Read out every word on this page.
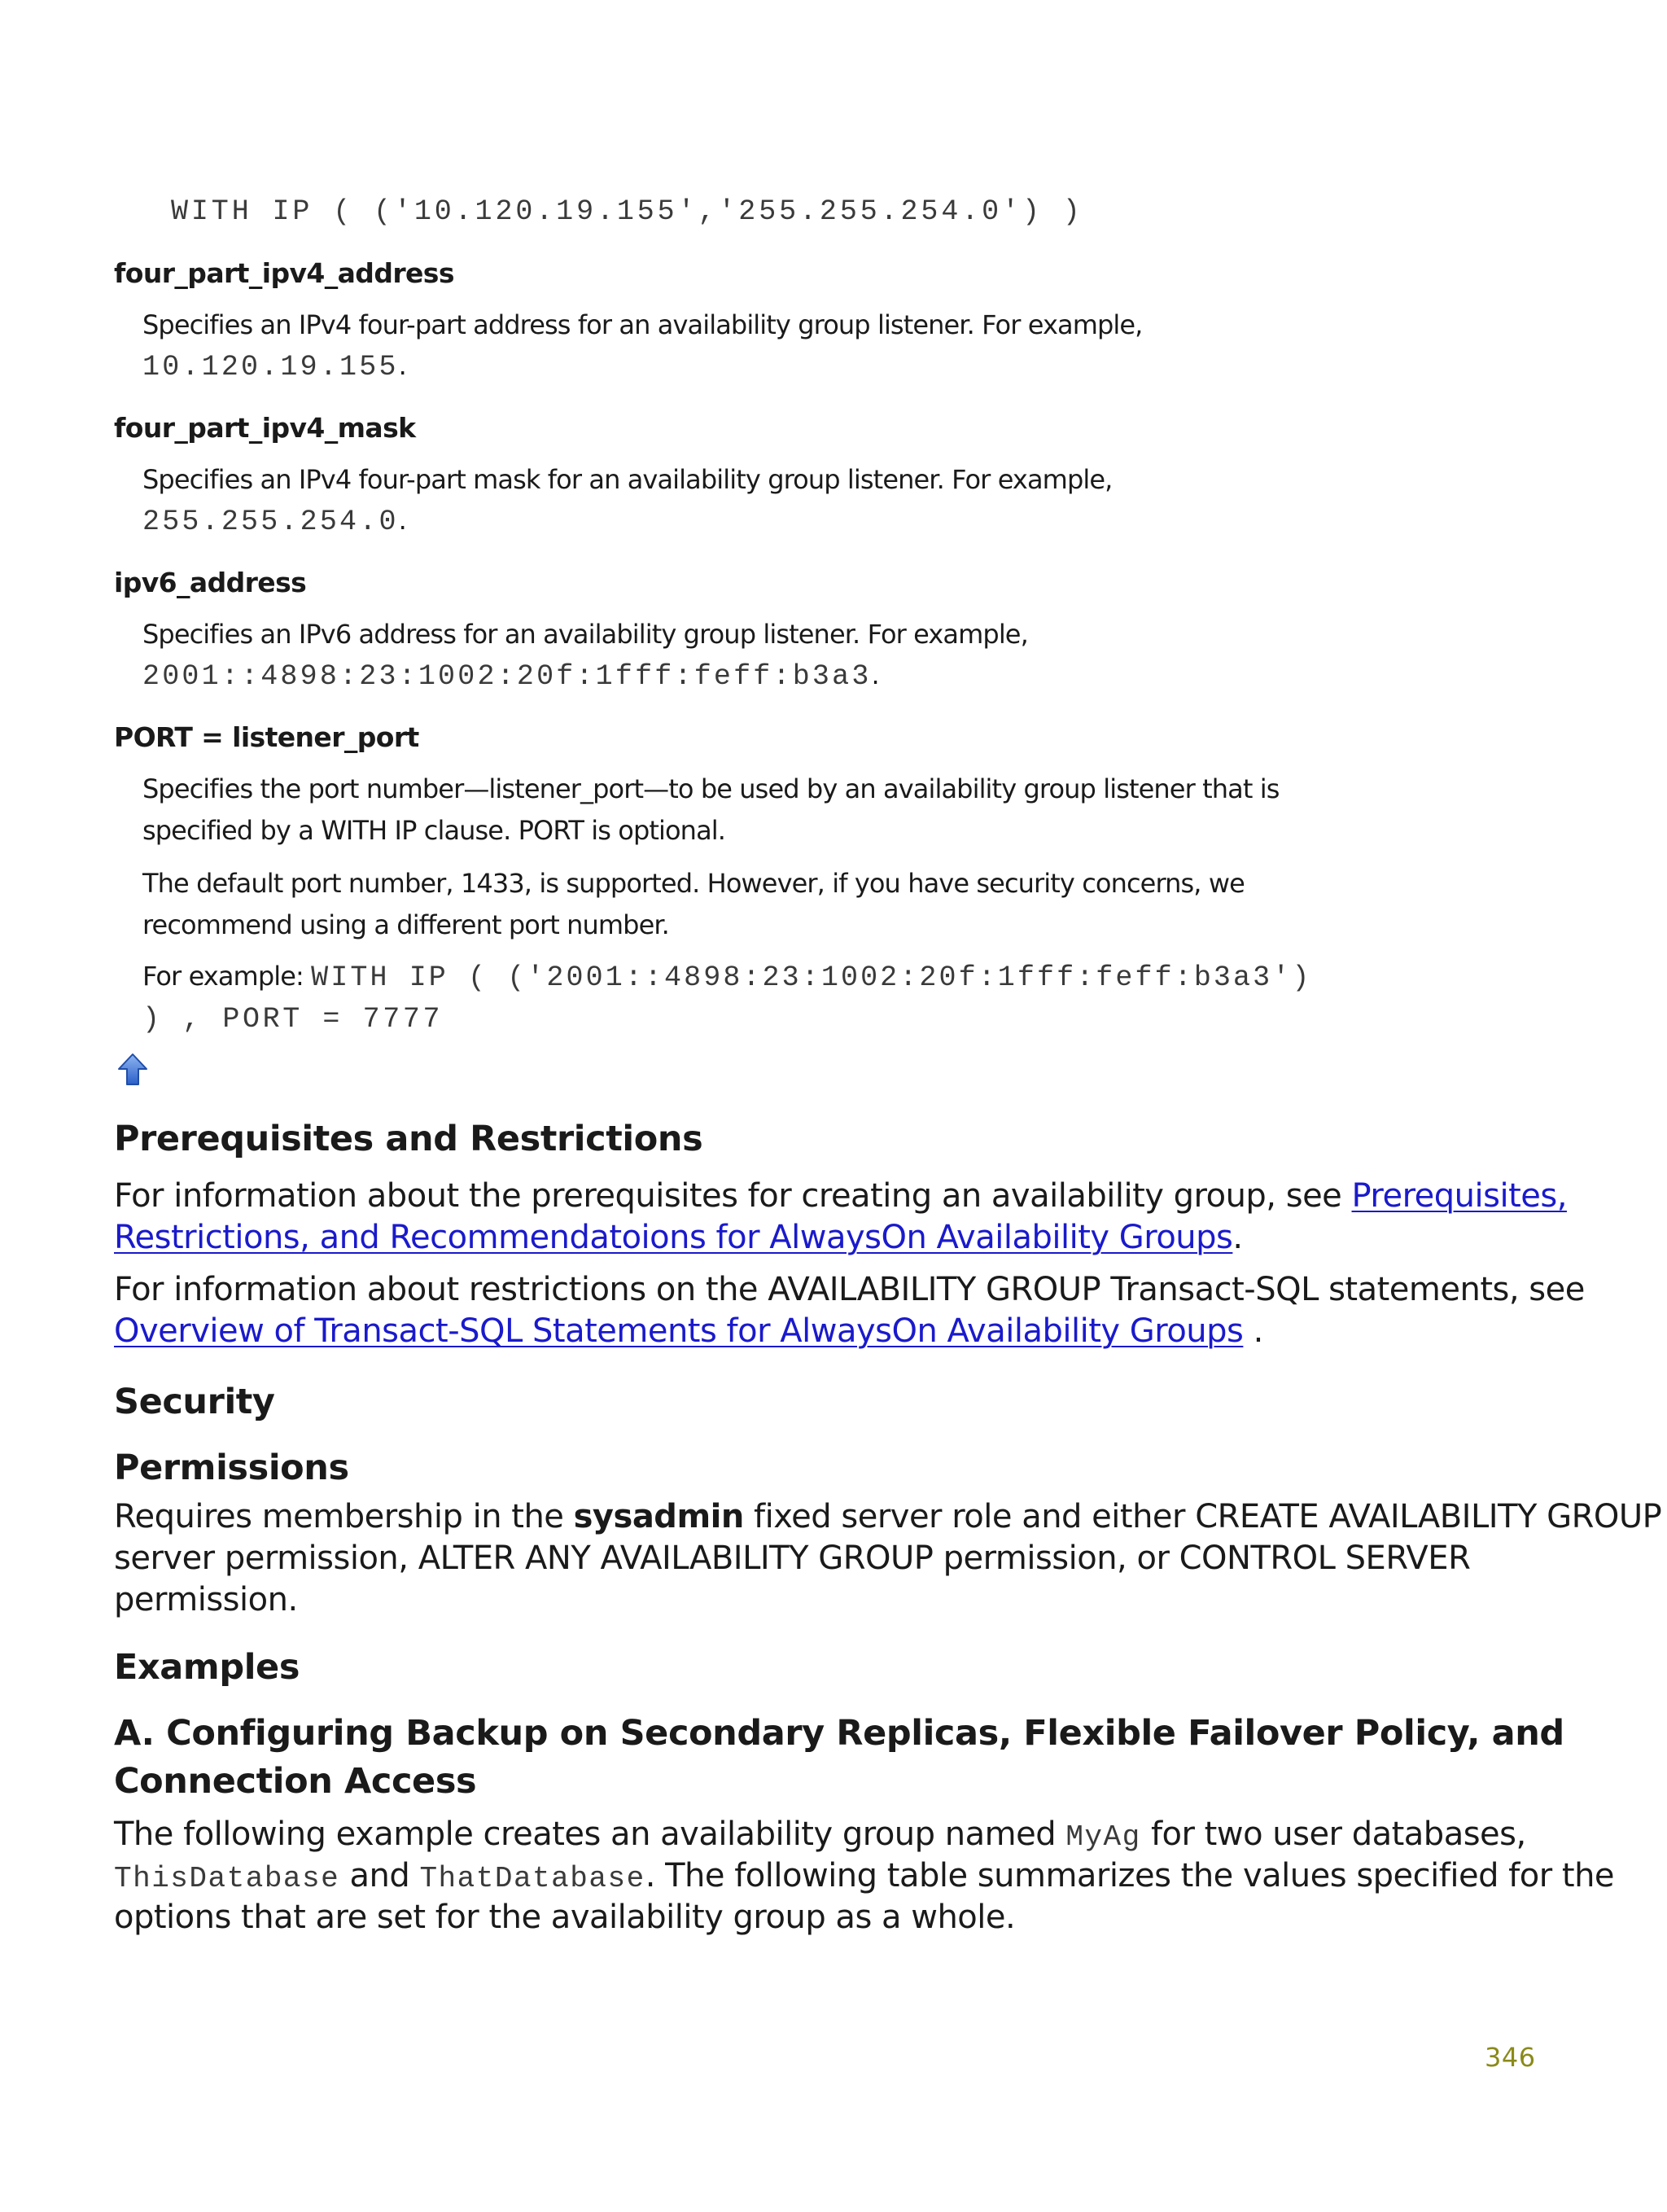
WITH IP ( ('10.120.19.155','255.255.254.0') )
four_part_ipv4_address
Specifies an IPv4 four-part address for an availability group listener. For example,
10.120.19.155.
four_part_ipv4_mask
Specifies an IPv4 four-part mask for an availability group listener. For example,
255.255.254.0.
ipv6_address
Specifies an IPv6 address for an availability group listener. For example,
2001::4898:23:1002:20f:1fff:feff:b3a3.
PORT = listener_port
Specifies the port number—listener_port—to be used by an availability group listener that is
specified by a WITH IP clause. PORT is optional.
The default port number, 1433, is supported. However, if you have security concerns, we
recommend using a different port number.
For example: WITH IP ( ('2001::4898:23:1002:20f:1fff:feff:b3a3')
) , PORT = 7777
Prerequisites and Restrictions
For information about the prerequisites for creating an availability group, see Prerequisites,
Restrictions, and Recommendatoions for AlwaysOn Availability Groups.
For information about restrictions on the AVAILABILITY GROUP Transact-SQL statements, see
Overview of Transact-SQL Statements for AlwaysOn Availability Groups .
Security
Permissions
Requires membership in the sysadmin fixed server role and either CREATE AVAILABILITY GROUP
server permission, ALTER ANY AVAILABILITY GROUP permission, or CONTROL SERVER
permission.
Examples
A. Configuring Backup on Secondary Replicas, Flexible Failover Policy, and
Connection Access
The following example creates an availability group named MyAg for two user databases,
ThisDatabase and ThatDatabase. The following table summarizes the values specified for the
options that are set for the availability group as a whole.
346
